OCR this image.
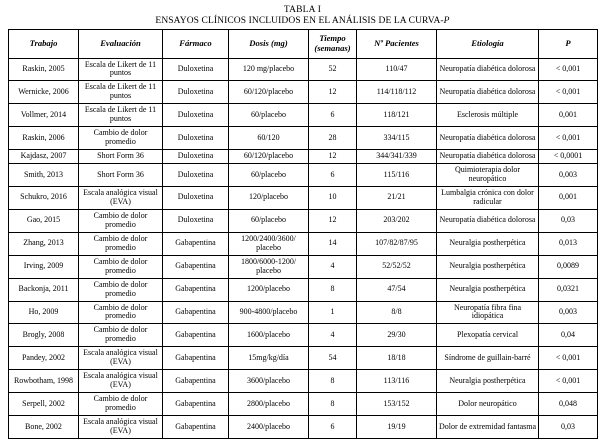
TABLA I
ENSAYOS CLÍNICOS INCLUIDOS EN EL ANÁLISIS DE LA CURVA-P
Trabajo	Evaluación	Fármaco	Dosis (mg)	Tiempo (semanas)	Nº Pacientes	Etiología	P
Raskin, 2005	Escala de Likert de 11 puntos	Duloxetina	120 mg/placebo	52	110/47	Neuropatía diabética dolorosa	< 0,001
Wernicke, 2006	Escala de Likert de 11 puntos	Duloxetina	60/120/placebo	12	114/118/112	Neuropatía diabética dolorosa	< 0,001
Vollmer, 2014	Escala de Likert de 11 puntos	Duloxetina	60/placebo	6	118/121	Esclerosis múltiple	0,001
Raskin, 2006	Cambio de dolor promedio	Duloxetina	60/120	28	334/115	Neuropatía diabética dolorosa	< 0,001
Kajdasz, 2007	Short Form 36	Duloxetina	60/120/placebo	12	344/341/339	Neuropatía diabética dolorosa	< 0,0001
Smith, 2013	Short Form 36	Duloxetina	60/placebo	6	115/116	Quimioterapia dolor neuropático	0,003
Schukro, 2016	Escala analógica visual (EVA)	Duloxetina	120/placebo	10	21/21	Lumbalgia crónica con dolor radicular	0,001
Gao, 2015	Cambio de dolor promedio	Duloxetina	60/placebo	12	203/202	Neuropatía diabética dolorosa	0,03
Zhang, 2013	Cambio de dolor promedio	Gabapentina	1200/2400/3600/ placebo	14	107/82/87/95	Neuralgia postherpética	0,013
Irving, 2009	Cambio de dolor promedio	Gabapentina	1800/6000-1200/ placebo	4	52/52/52	Neuralgia postherpética	0,0089
Backonja, 2011	Cambio de dolor promedio	Gabapentina	1200/placebo	8	47/54	Neuralgia postherpética	0,0321
Ho, 2009	Cambio de dolor promedio	Gabapentina	900-4800/placebo	1	8/8	Neuropatía fibra fina idiopática	0,003
Brogly, 2008	Cambio de dolor promedio	Gabapentina	1600/placebo	4	29/30	Plexopatía cervical	0,04
Pandey, 2002	Escala analógica visual (EVA)	Gabapentina	15mg/kg/día	54	18/18	Síndrome de guillain-barré	< 0,001
Rowbotham, 1998	Escala analógica visual (EVA)	Gabapentina	3600/placebo	8	113/116	Neuralgia postherpética	< 0,001
Serpell, 2002	Cambio de dolor promedio	Gabapentina	2800/placebo	8	153/152	Dolor neuropático	0,048
Bone, 2002	Escala analógica visual (EVA)	Gabapentina	2400/placebo	6	19/19	Dolor de extremidad fantasma	0,03
